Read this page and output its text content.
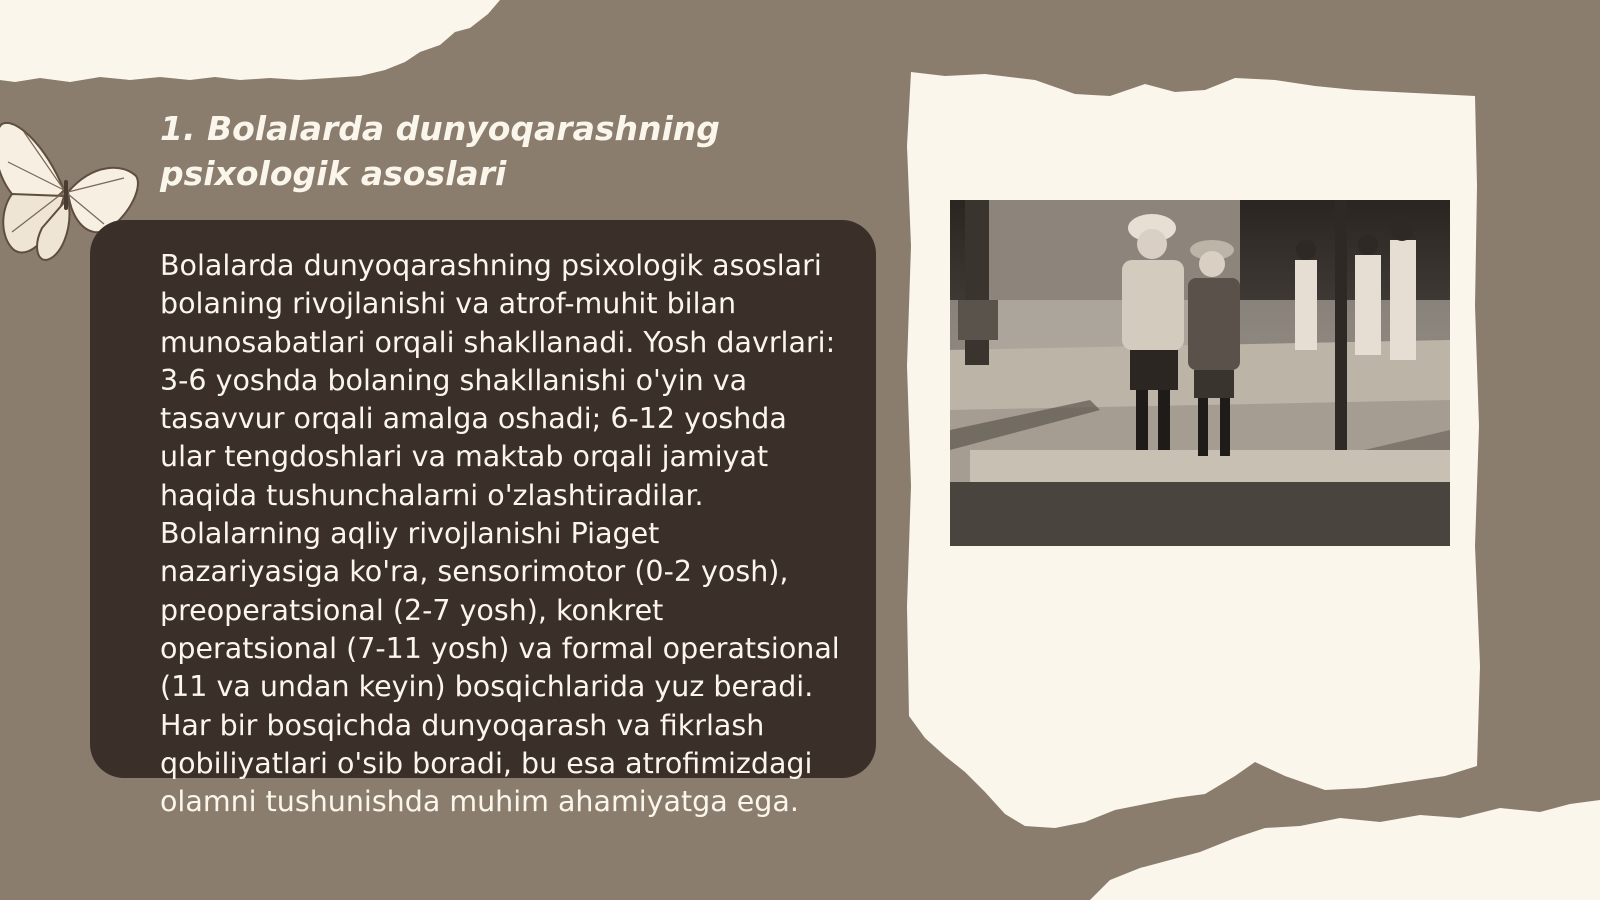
1. Bolalarda dunyoqarashning psixologik asoslari

Bolalarda dunyoqarashning psixologik asoslari bolaning rivojlanishi va atrof-muhit bilan munosabatlari orqali shakllanadi. Yosh davrlari: 3-6 yoshda bolaning shakllanishi o'yin va tasavvur orqali amalga oshadi; 6-12 yoshda ular tengdoshlari va maktab orqali jamiyat haqida tushunchalarni o'zlashtiradilar. Bolalarning aqliy rivojlanishi Piaget nazariyasiga ko'ra, sensorimotor (0-2 yosh), preoperatsional (2-7 yosh), konkret operatsional (7-11 yosh) va formal operatsional (11 va undan keyin) bosqichlarida yuz beradi. Har bir bosqichda dunyoqarash va fikrlash qobiliyatlari o'sib boradi, bu esa atrofimizdagi olamni tushunishda muhim ahamiyatga ega.
